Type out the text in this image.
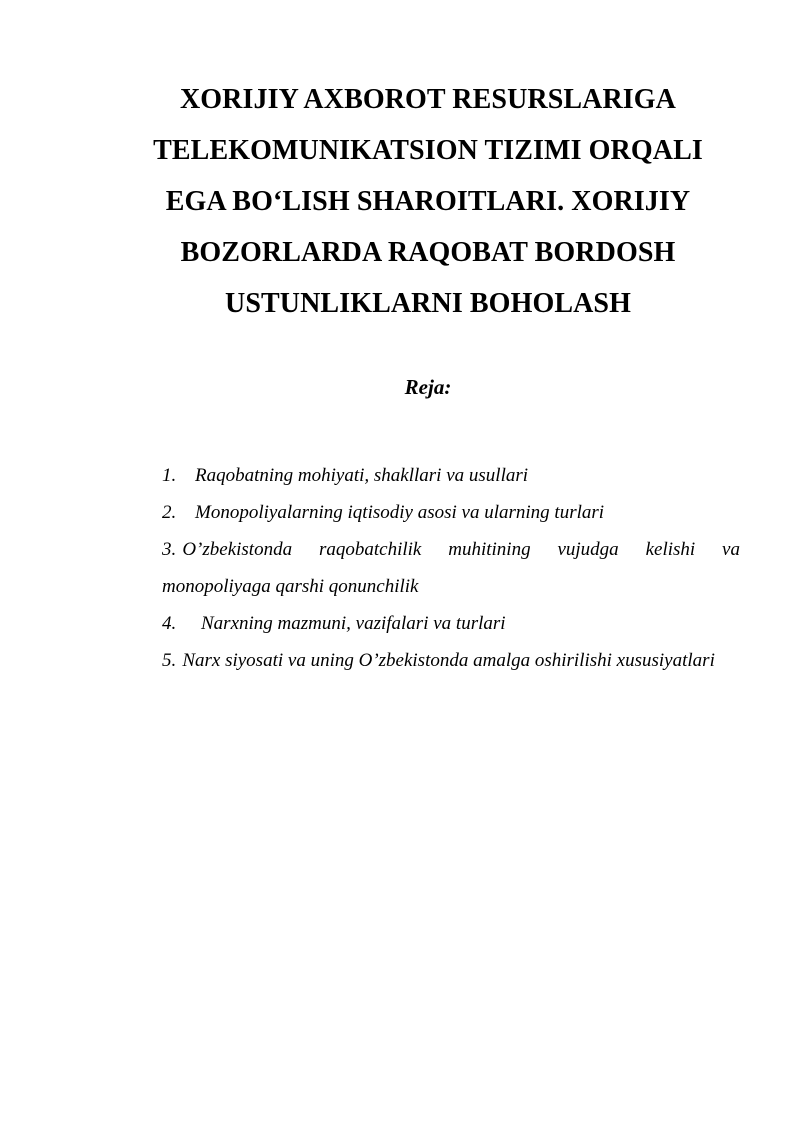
XORIJIY AXBOROT RESURSLARIGA
TELEKOMUNIKATSION TIZIMI ORQALI
EGA BO‘LISH SHAROITLARI. XORIJIY
BOZORLARDA RAQOBAT BORDOSH
USTUNLIKLARNI BOHOLASH
Reja:
1. Raqobatning mohiyati, shakllari va usullari
2. Monopoliyalarning iqtisodiy asosi va ularning turlari
3. O’zbekistonda raqobatchilik muhitining vujudga kelishi va monopoliyaga qarshi qonunchilik
4. Narxning mazmuni, vazifalari va turlari
5. Narx siyosati va uning O’zbekistonda amalga oshirilishi xususiyatlari
